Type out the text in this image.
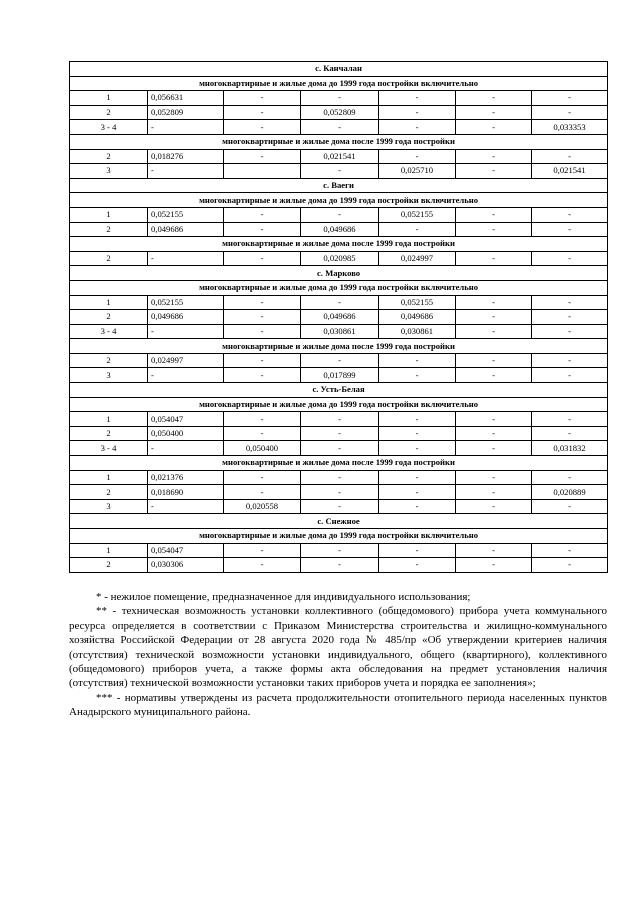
с. Канчалан						
многоквартирные и жилые дома до 1999 года постройки включительно						
1	0,056631	-	-	-	-	-
2	0,052809	-	0,052809	-	-	-
3 - 4	-	-	-	-	-	0,033353
многоквартирные и жилые дома после 1999 года постройки						
2	0,018276	-	0,021541	-	-	-
3	-		-	0,025710	-	0,021541
с. Ваеги						
многоквартирные и жилые дома до 1999 года постройки включительно						
1	0,052155	-	-	0,052155	-	-
2	0,049686	-	0,049686	-	-	-
многоквартирные и жилые дома после 1999 года постройки						
2	-	-	0,020985	0,024997	-	-
с. Марково						
многоквартирные и жилые дома до 1999 года постройки включительно						
1	0,052155	-	-	0,052155	-	-
2	0,049686	-	0,049686	0,049686	-	-
3 - 4	-	-	0,030861	0,030861	-	-
многоквартирные и жилые дома после 1999 года постройки						
2	0,024997	-	-	-	-	-
3	-	-	0,017899	-	-	-
с. Усть-Белая						
многоквартирные и жилые дома до 1999 года постройки включительно						
1	0,054047	-	-	-	-	-
2	0,050400	-	-	-	-	-
3 - 4	-	0,050400	-	-	-	0,031832
многоквартирные и жилые дома после 1999 года постройки						
1	0,021376	-	-	-	-	-
2	0,018690	-	-	-	-	0,020889
3	-	0,020558	-	-	-	-
с. Снежное						
многоквартирные и жилые дома до 1999 года постройки включительно						
1	0,054047	-	-	-	-	-
2	0,030306	-	-	-	-	-

* - нежилое помещение, предназначенное для индивидуального использования;

** - техническая возможность установки коллективного (общедомового) прибора учета коммунального ресурса определяется в соответствии с Приказом Министерства строительства и жилищно-коммунального хозяйства Российской Федерации от 28 августа 2020 года № 485/пр «Об утверждении критериев наличия (отсутствия) технической возможности установки индивидуального, общего (квартирного), коллективного (общедомового) приборов учета, а также формы акта обследования на предмет установления наличия (отсутствия) технической возможности установки таких приборов учета и порядка ее заполнения»;

*** - нормативы утверждены из расчета продолжительности отопительного периода населенных пунктов Анадырского муниципального района.
